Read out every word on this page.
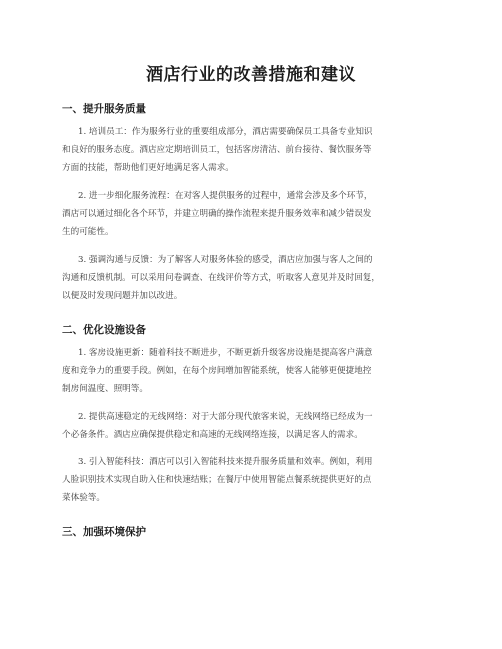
酒店行业的改善措施和建议
一、提升服务质量
1. 培训员工：作为服务行业的重要组成部分，酒店需要确保员工具备专业知识
和良好的服务态度。酒店应定期培训员工，包括客房清洁、前台接待、餐饮服务等
方面的技能，帮助他们更好地满足客人需求。
2. 进一步细化服务流程：在对客人提供服务的过程中，通常会涉及多个环节，
酒店可以通过细化各个环节，并建立明确的操作流程来提升服务效率和减少错误发
生的可能性。
3. 强调沟通与反馈：为了解客人对服务体验的感受，酒店应加强与客人之间的
沟通和反馈机制。可以采用问卷调查、在线评价等方式，听取客人意见并及时回复，
以便及时发现问题并加以改进。
二、优化设施设备
1. 客房设施更新：随着科技不断进步，不断更新升级客房设施是提高客户满意
度和竞争力的重要手段。例如，在每个房间增加智能系统，使客人能够更便捷地控
制房间温度、照明等。
2. 提供高速稳定的无线网络：对于大部分现代旅客来说，无线网络已经成为一
个必备条件。酒店应确保提供稳定和高速的无线网络连接，以满足客人的需求。
3. 引入智能科技：酒店可以引入智能科技来提升服务质量和效率。例如，利用
人脸识别技术实现自助入住和快速结账；在餐厅中使用智能点餐系统提供更好的点
菜体验等。
三、加强环境保护
